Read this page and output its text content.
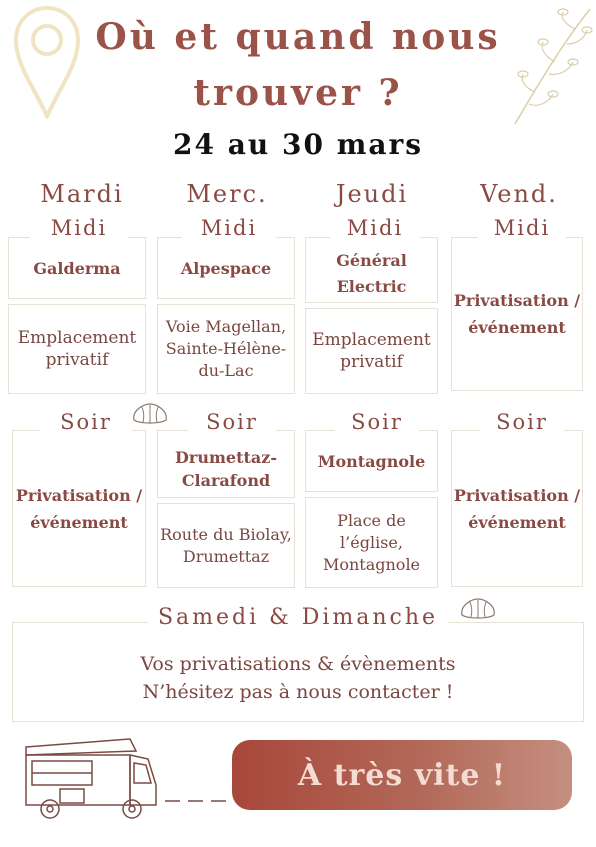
Où et quand nous
trouver ?
24 au 30 mars
Mardi
Galderma
Midi
Emplacement privatif
Privatisation / événement
Soir
Merc.
Alpespace
Midi
Voie Magellan, Sainte-Hélène-du-Lac
Drumettaz-Clarafond
Soir
Route du Biolay, Drumettaz
Jeudi
Général Electric
Midi
Emplacement privatif
Montagnole
Soir
Place de l’église, Montagnole
Vend.
Privatisation / événement
Midi
Privatisation / événement
Soir
Vos privatisations & évènements
N’hésitez pas à nous contacter !
Samedi & Dimanche
À très vite !
